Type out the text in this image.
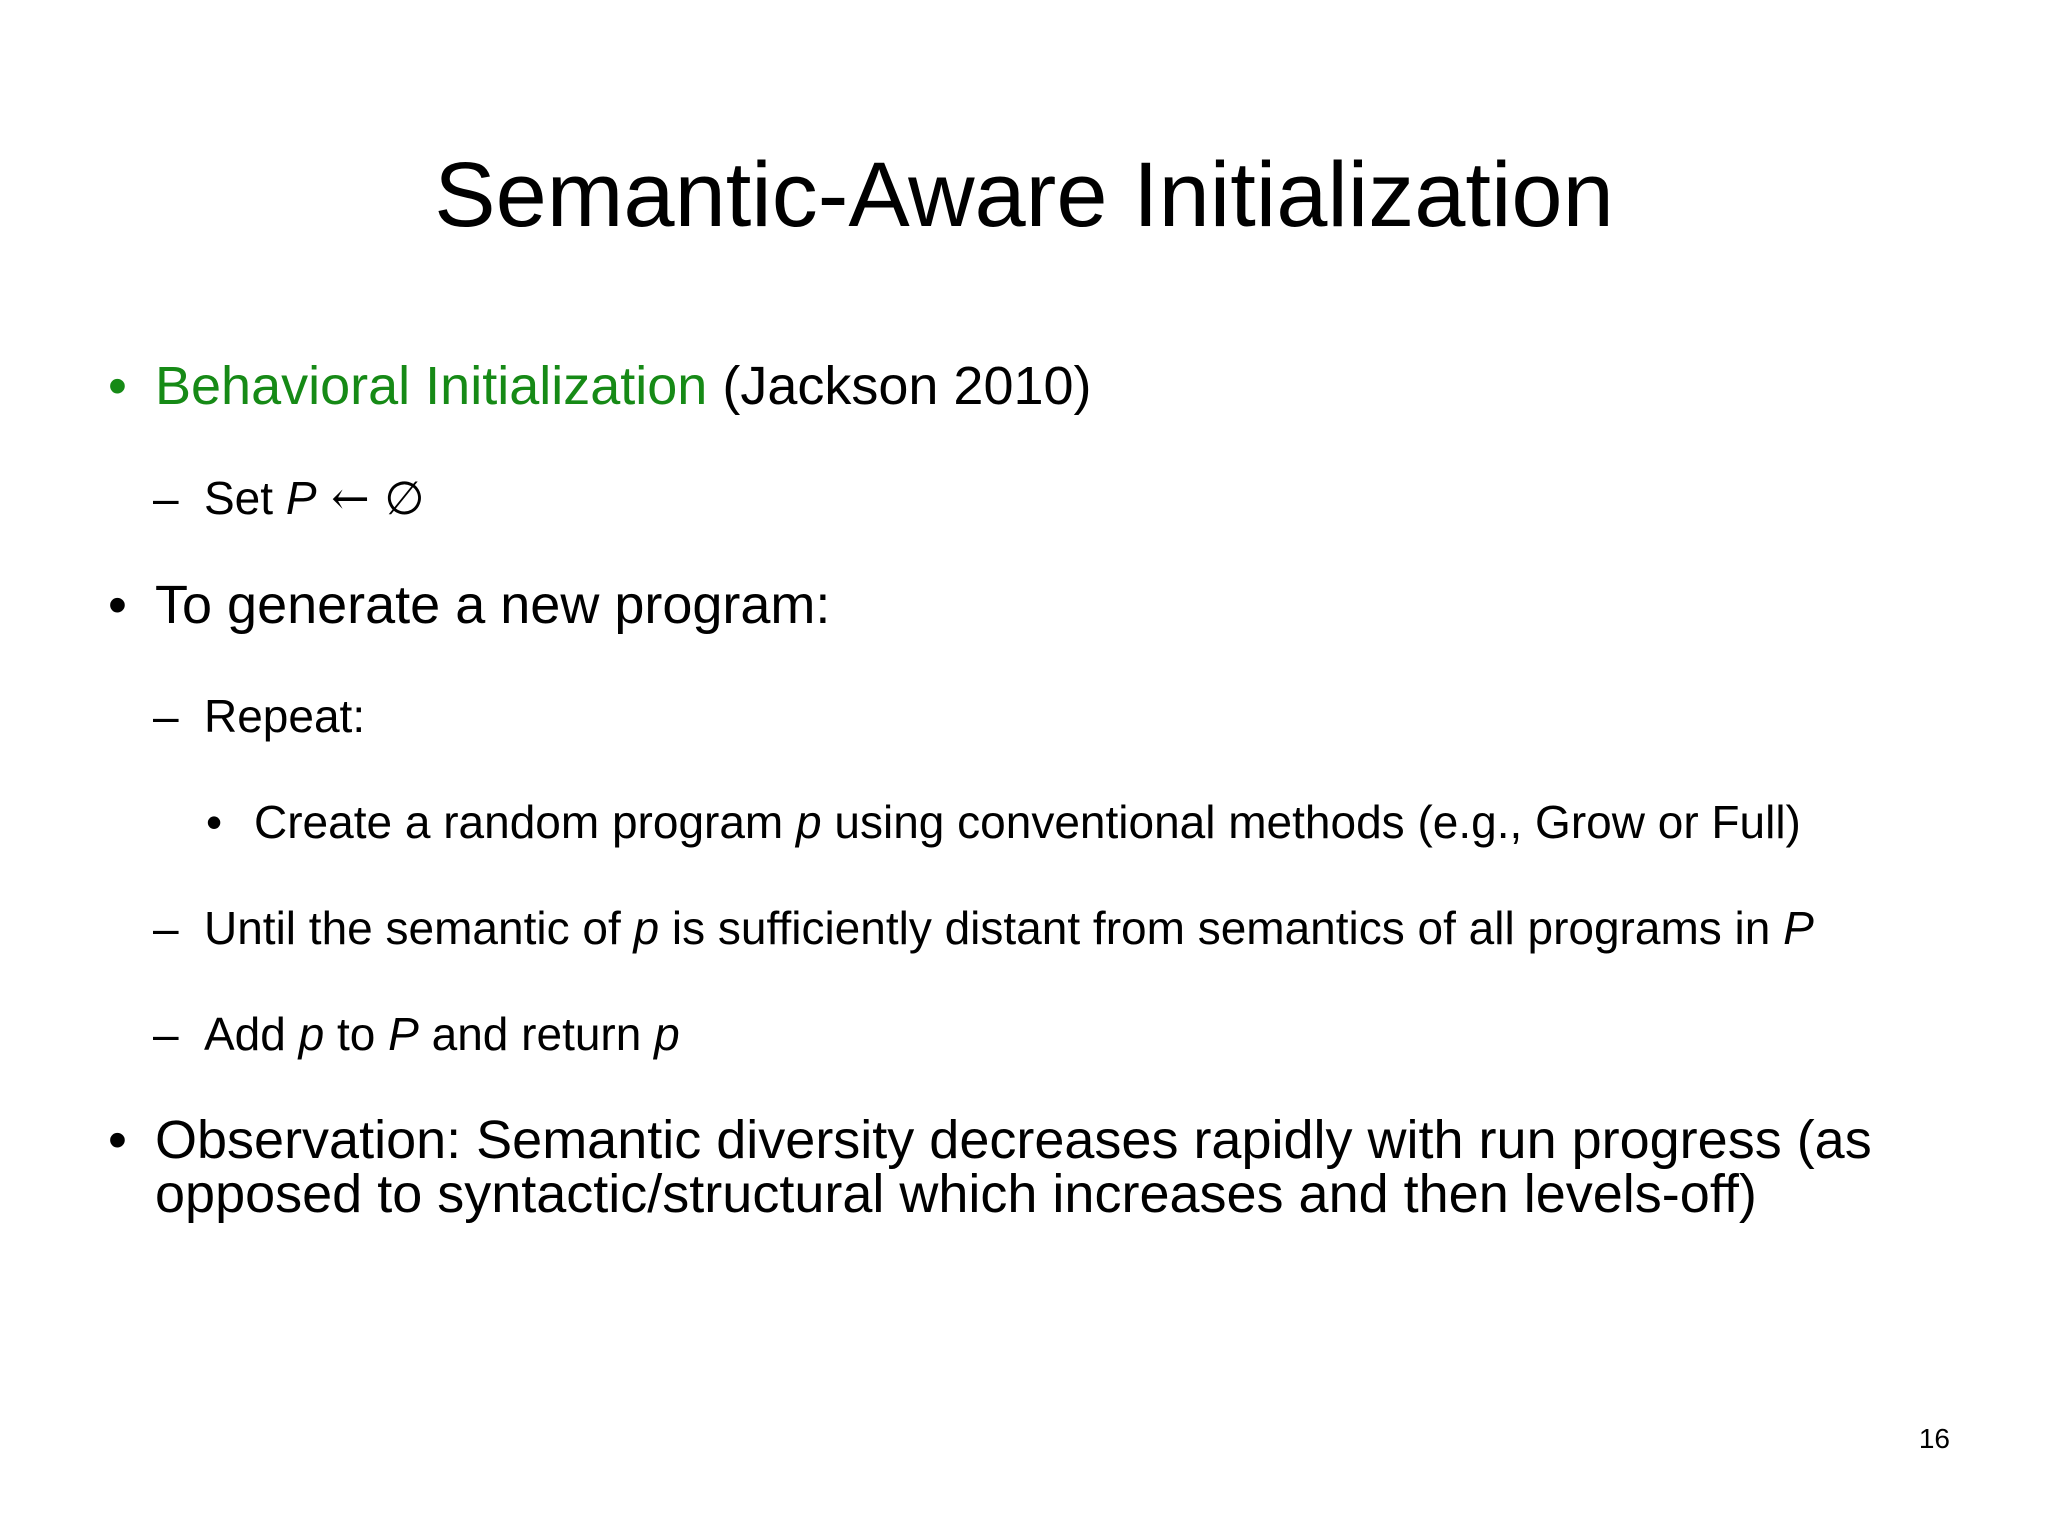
Semantic-Aware Initialization
• Behavioral Initialization (Jackson 2010)
– Set P ← ∅
• To generate a new program:
– Repeat:
• Create a random program p using conventional methods (e.g., Grow or Full)
– Until the semantic of p is sufficiently distant from semantics of all programs in P
– Add p to P and return p
• Observation: Semantic diversity decreases rapidly with run progress (as opposed to syntactic/structural which increases and then levels-off)
16
